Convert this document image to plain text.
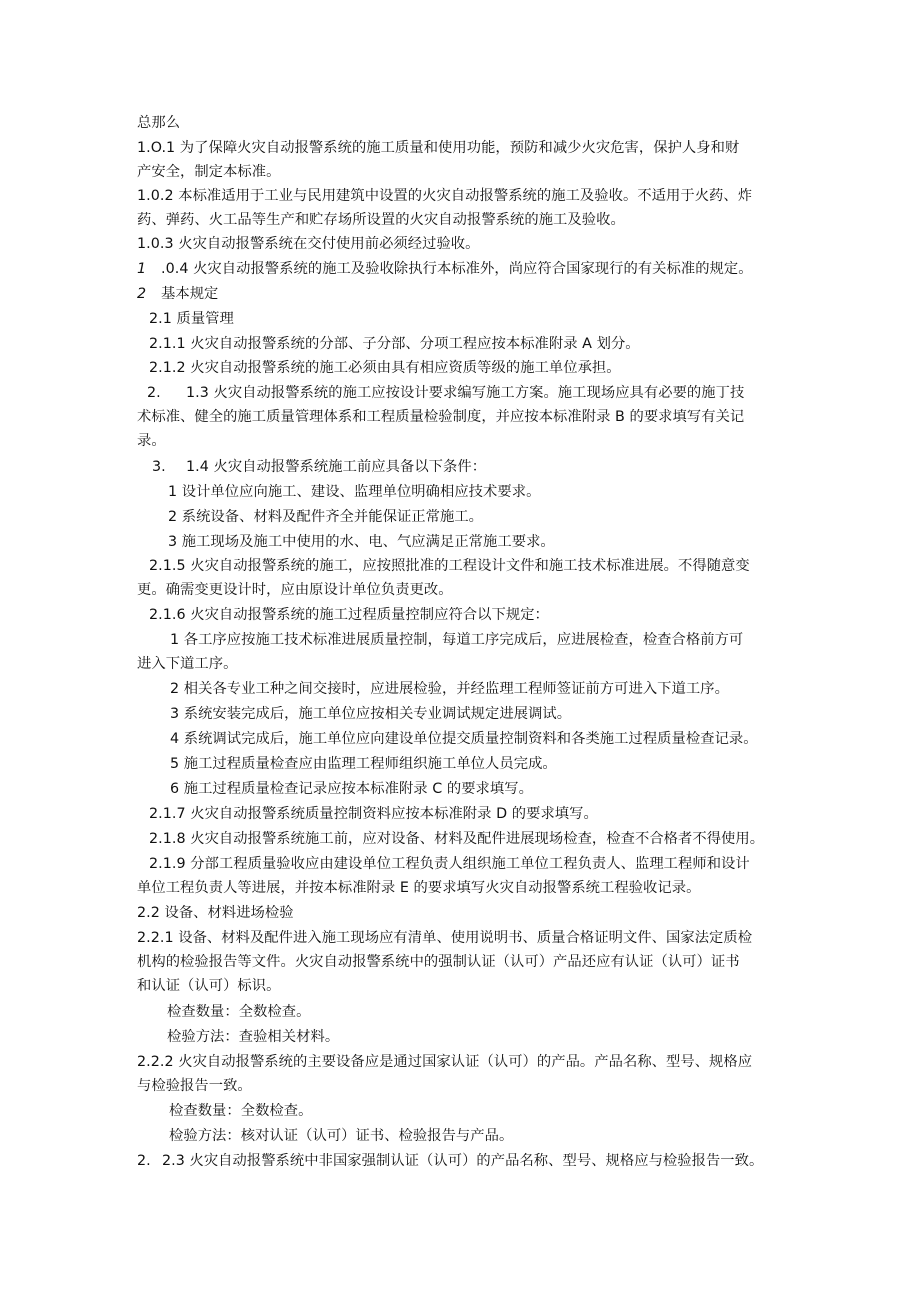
总那么
1.O.1 为了保障火灾自动报警系统的施工质量和使用功能，预防和减少火灾危害，保护人身和财
产安全，制定本标准。
1.0.2 本标准适用于工业与民用建筑中设置的火灾自动报警系统的施工及验收。不适用于火药、炸
药、弹药、火工品等生产和贮存场所设置的火灾自动报警系统的施工及验收。
1.0.3 火灾自动报警系统在交付使用前必须经过验收。
1 .0.4 火灾自动报警系统的施工及验收除执行本标准外，尚应符合国家现行的有关标准的规定。
2 基本规定
2.1 质量管理
2.1.1 火灾自动报警系统的分部、子分部、分项工程应按本标准附录 A 划分。
2.1.2 火灾自动报警系统的施工必须由具有相应资质等级的施工单位承担。
2. 1.3 火灾自动报警系统的施工应按设计要求编写施工方案。施工现场应具有必要的施丁技
术标准、健全的施工质量管理体系和工程质量检验制度，并应按本标准附录 B 的要求填写有关记
录。
3. 1.4 火灾自动报警系统施工前应具备以下条件：
1 设计单位应向施工、建设、监理单位明确相应技术要求。
2 系统设备、材料及配件齐全并能保证正常施工。
3 施工现场及施工中使用的水、电、气应满足正常施工要求。
2.1.5 火灾自动报警系统的施工，应按照批准的工程设计文件和施工技术标准进展。不得随意变
更。确需变更设计时，应由原设计单位负责更改。
2.1.6 火灾自动报警系统的施工过程质量控制应符合以下规定：
1 各工序应按施工技术标准进展质量控制，每道工序完成后，应进展检查，检查合格前方可
进入下道工序。
2 相关各专业工种之间交接时，应进展检验，并经监理工程师签证前方可进入下道工序。
3 系统安装完成后，施工单位应按相关专业调试规定进展调试。
4 系统调试完成后，施工单位应向建设单位提交质量控制资料和各类施工过程质量检查记录。
5 施工过程质量检查应由监理工程师组织施工单位人员完成。
6 施工过程质量检查记录应按本标准附录 C 的要求填写。
2.1.7 火灾自动报警系统质量控制资料应按本标准附录 D 的要求填写。
2.1.8 火灾自动报警系统施工前，应对设备、材料及配件进展现场检查，检查不合格者不得使用。
2.1.9 分部工程质量验收应由建设单位工程负责人组织施工单位工程负责人、监理工程师和设计
单位工程负责人等进展，并按本标准附录 E 的要求填写火灾自动报警系统工程验收记录。
2.2 设备、材料进场检验
2.2.1 设备、材料及配件进入施工现场应有清单、使用说明书、质量合格证明文件、国家法定质检
机构的检验报告等文件。火灾自动报警系统中的强制认证（认可）产品还应有认证（认可）证书
和认证（认可）标识。
检查数量：全数检查。
检验方法：查验相关材料。
2.2.2 火灾自动报警系统的主要设备应是通过国家认证（认可）的产品。产品名称、型号、规格应
与检验报告一致。
检查数量：全数检查。
检验方法：核对认证（认可）证书、检验报告与产品。
2. 2.3 火灾自动报警系统中非国家强制认证（认可）的产品名称、型号、规格应与检验报告一致。
